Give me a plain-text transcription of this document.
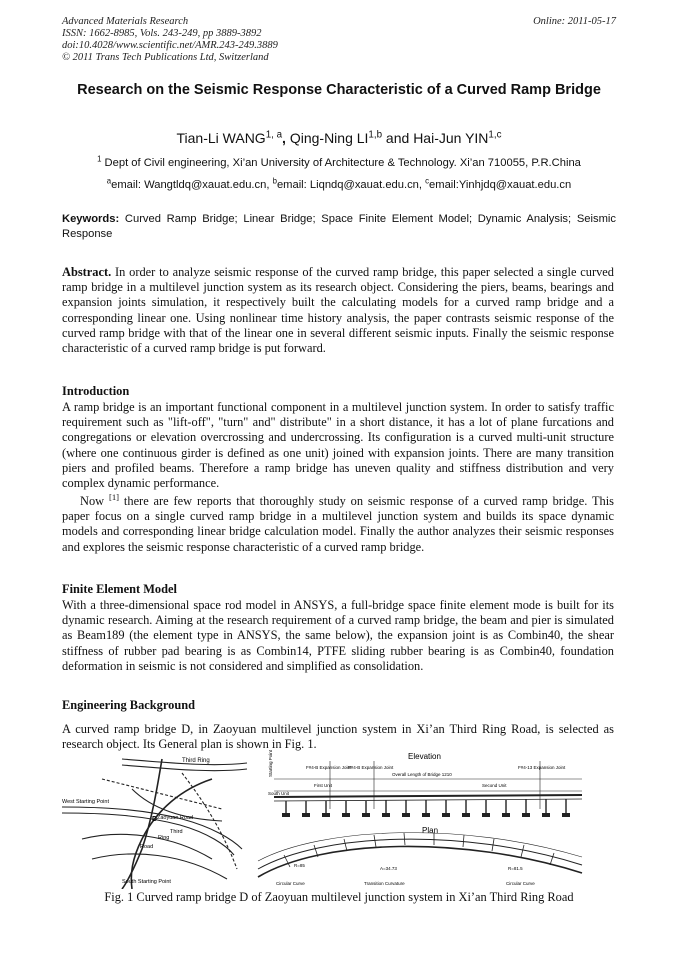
Advanced Materials Research
ISSN: 1662-8985, Vols. 243-249, pp 3889-3892
doi:10.4028/www.scientific.net/AMR.243-249.3889
© 2011 Trans Tech Publications Ltd, Switzerland
Online: 2011-05-17
Research on the Seismic Response Characteristic of a Curved Ramp Bridge
Tian-Li WANG$^{1, a}$, Qing-Ning LI$^{1,b}$ and Hai-Jun YIN$^{1,c}$
$^1$ Dept of Civil engineering, Xi’an University of Architecture & Technology. Xi’an 710055, P.R.China
$^a$email: Wangtldq@xauat.edu.cn, $^b$email: Liqndq@xauat.edu.cn, $^c$email:Yinhjdq@xauat.edu.cn
Keywords: Curved Ramp Bridge; Linear Bridge; Space Finite Element Model; Dynamic Analysis; Seismic Response
Abstract. In order to analyze seismic response of the curved ramp bridge, this paper selected a single curved ramp bridge in a multilevel junction system as its research object. Considering the piers, beams, bearings and expansion joints simulation, it respectively built the calculating models for a curved ramp bridge and a corresponding linear one. Using nonlinear time history analysis, the paper contrasts seismic response of the curved ramp bridge with that of the linear one in several different seismic inputs. Finally the seismic response characteristic of a curved ramp bridge is put forward.
Introduction
A ramp bridge is an important functional component in a multilevel junction system. In order to satisfy traffic requirement such as "lift-off", "turn" and" distribute" in a short distance, it has a lot of plane furcations and congregations or elevation overcrossing and undercrossing. Its configuration is a curved multi-unit structure (where one continuous girder is defined as one unit) joined with expansion joints. There are many transition piers and profiled beams. Therefore a ramp bridge has uneven quality and stiffness distribution and very complex dynamic performance.
Now [1] there are few reports that thoroughly study on seismic response of a curved ramp bridge. This paper focus on a single curved ramp bridge in a multilevel junction system and builds its space dynamic models and corresponding linear bridge calculation model. Finally the author analyzes their seismic responses and explores the seismic response characteristic of a curved ramp bridge.
Finite Element Model
With a three-dimensional space rod model in ANSYS, a full-bridge space finite element mode is built for its dynamic research. Aiming at the research requirement of a curved ramp bridge, the beam and pier is simulated as Beam189 (the element type in ANSYS, the same below), the expansion joint is as Combin40, the shear stiffness of rubber pad bearing is as Combin14, PTFE sliding rubber bearing is as Combin40, foundation deformation in seismic is not considered and simplified as consolidation.
Engineering Background
A curved ramp bridge D, in Zaoyuan multilevel junction system in Xi’an Third Ring Road, is selected as research object. Its General plan is shown in Fig. 1.
Third Ring
West Starting Point
Zaoyuan Road
Third
Ring
Road
D
South Starting Point
Elevation
Starting Point	F#4-B Expansion Joint
F#4-B Expansion Joint	F#4-13 Expansion Joint
Overall Length of Bridge 1210
First Unit	Second Unit
South Unit
Plan
R=85
A=34.73	R=81.5
Circular Curve	Transition Curvature	Circular Curve
Fig. 1 Curved ramp bridge D of Zaoyuan multilevel junction system in Xi’an Third Ring Road
